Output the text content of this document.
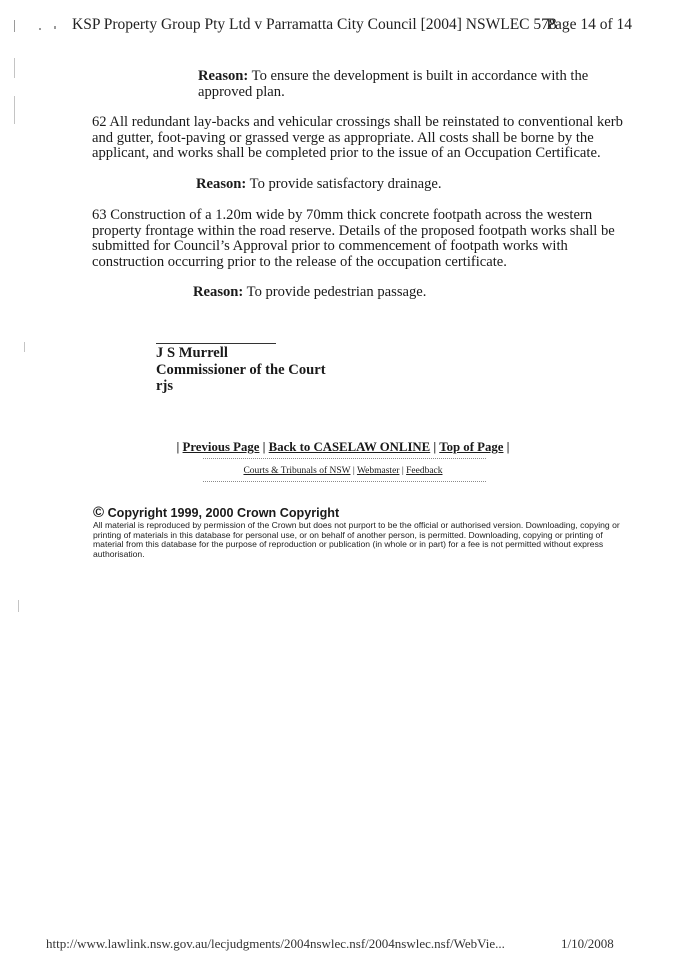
KSP Property Group Pty Ltd v Parramatta City Council [2004] NSWLEC 578
Page 14 of 14
Reason: To ensure the development is built in accordance with the approved plan.
62 All redundant lay-backs and vehicular crossings shall be reinstated to conventional kerb and gutter, foot-paving or grassed verge as appropriate. All costs shall be borne by the applicant, and works shall be completed prior to the issue of an Occupation Certificate.
Reason: To provide satisfactory drainage.
63 Construction of a 1.20m wide by 70mm thick concrete footpath across the western property frontage within the road reserve. Details of the proposed footpath works shall be submitted for Council’s Approval prior to commencement of footpath works with construction occurring prior to the release of the occupation certificate.
Reason: To provide pedestrian passage.
J S Murrell
Commissioner of the Court
rjs
| Previous Page | Back to CASELAW ONLINE | Top of Page |
Courts & Tribunals of NSW | Webmaster | Feedback
© Copyright 1999, 2000 Crown Copyright
All material is reproduced by permission of the Crown but does not purport to be the official or authorised version. Downloading, copying or printing of materials in this database for personal use, or on behalf of another person, is permitted. Downloading, copying or printing of material from this database for the purpose of reproduction or publication (in whole or in part) for a fee is not permitted without express authorisation.
http://www.lawlink.nsw.gov.au/lecjudgments/2004nswlec.nsf/2004nswlec.nsf/WebVie...	1/10/2008
